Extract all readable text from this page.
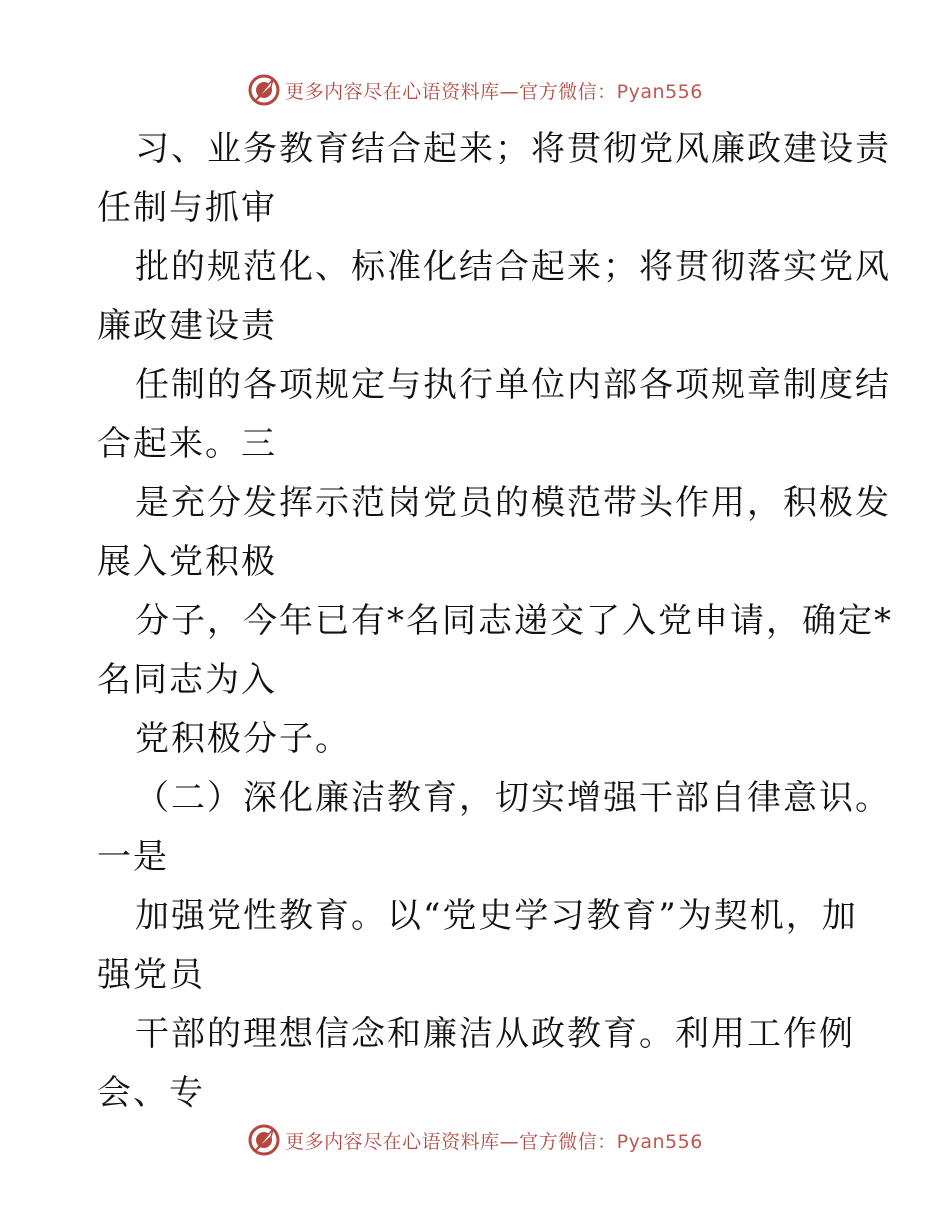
更多内容尽在心语资料库—官方微信：Pyan556
习、业务教育结合起来；将贯彻党风廉政建设责
任制与抓审
批的规范化、标准化结合起来；将贯彻落实党风
廉政建设责
任制的各项规定与执行单位内部各项规章制度结
合起来。三
是充分发挥示范岗党员的模范带头作用，积极发
展入党积极
分子，今年已有*名同志递交了入党申请，确定*
名同志为入
党积极分子。
（二）深化廉洁教育，切实增强干部自律意识。
一是
加强党性教育。以“党史学习教育”为契机，加
强党员
干部的理想信念和廉洁从政教育。利用工作例
会、专
更多内容尽在心语资料库—官方微信：Pyan556
